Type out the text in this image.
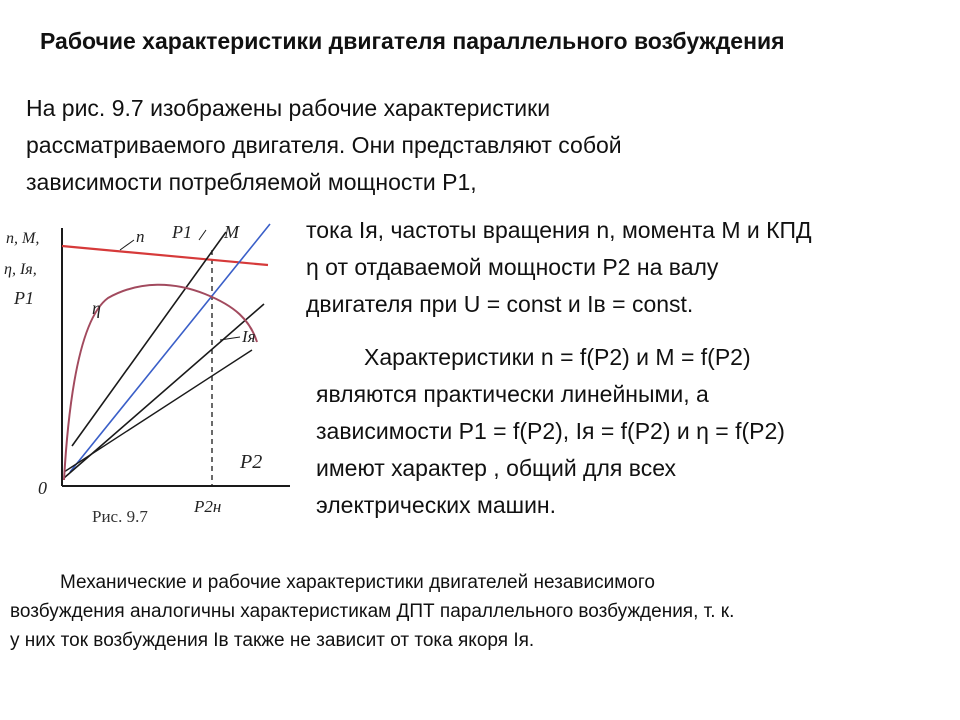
Рабочие характеристики двигателя параллельного возбуждения
На рис. 9.7 изображены рабочие характеристики
рассматриваемого двигателя. Они представляют собой
зависимости потребляемой мощности Р1,
тока Iя, частоты вращения n, момента М и КПД
η от отдаваемой мощности Р2 на валу
двигателя при U = const и Iв = const.
Характеристики n = f(P2) и M = f(P2)
являются практически линейными, а
зависимости Р1 = f(P2), Iя = f(P2) и η = f(P2)
имеют характер , общий для всех
электрических машин.
n, M,
η, Iя,
P1
n P1 M
η
Iя
P2
0
P2н
Рис. 9.7
Механические и рабочие характеристики двигателей независимого
возбуждения аналогичны характеристикам ДПТ параллельного возбуждения, т. к.
у них ток возбуждения Iв также не зависит от тока якоря Iя.
